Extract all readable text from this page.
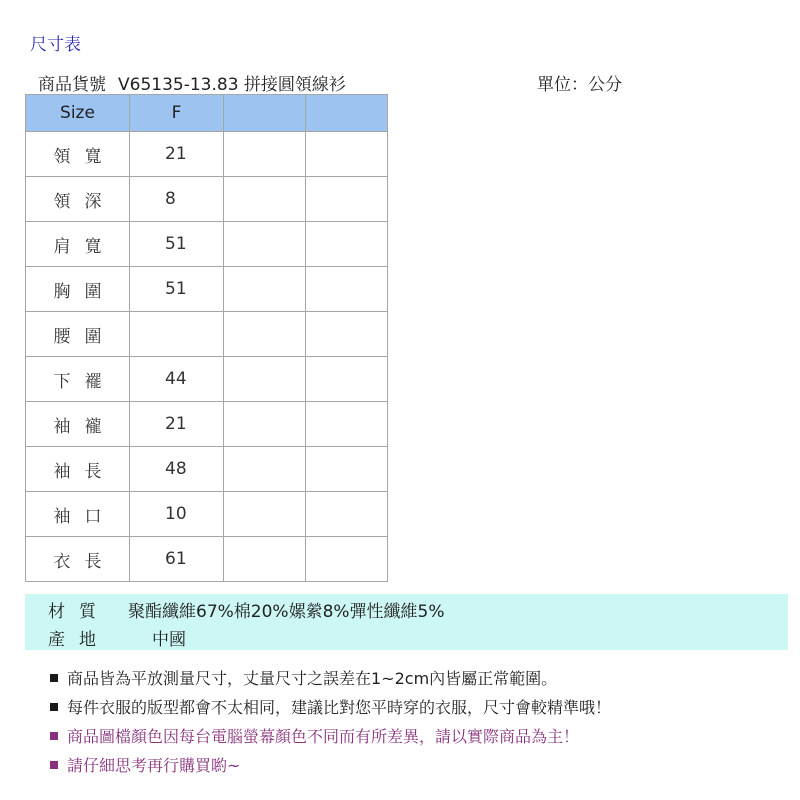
尺寸表
商品貨號 V65135-13.83 拼接圓領線衫	單位：公分
Size	F		
領寬	21		
領深	8		
肩寬	51		
胸圍	51		
腰圍			
下襬	44		
袖襱	21		
袖長	48		
袖口	10		
衣長	61		
材質 聚酯纖維67%棉20%嫘縈8%彈性纖維5%
產地 中國
商品皆為平放測量尺寸，丈量尺寸之誤差在1~2cm內皆屬正常範圍。
每件衣服的版型都會不太相同，建議比對您平時穿的衣服，尺寸會較精準哦！
商品圖檔顏色因每台電腦螢幕顏色不同而有所差異，請以實際商品為主！
請仔細思考再行購買喲~
